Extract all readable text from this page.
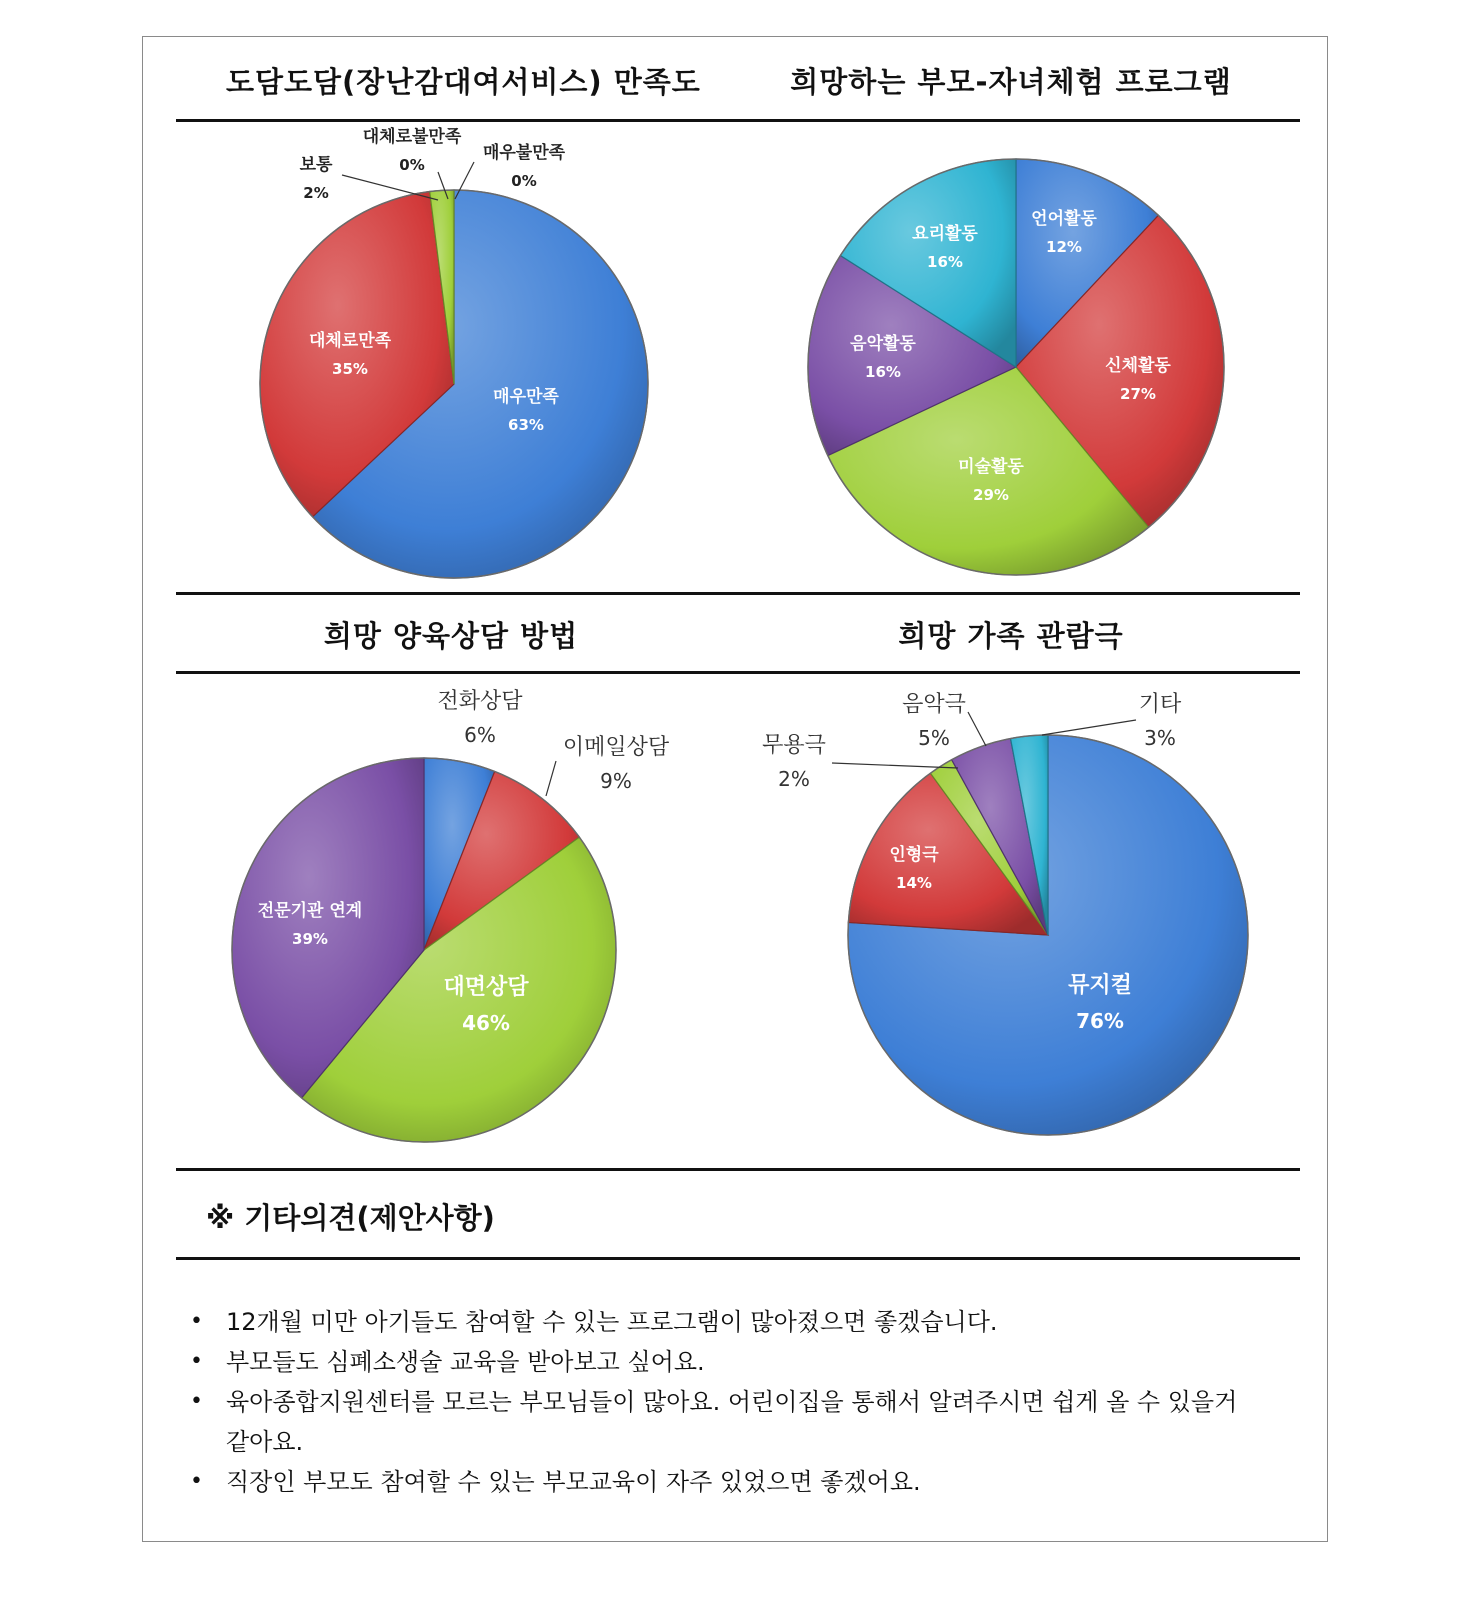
도담도담(장난감대여서비스) 만족도	희망하는 부모-자녀체험 프로그램
희망 양육상담 방법	희망 가족 관람극
매우만족
63%
대체로만족
35%
보통
2%
대체로불만족
0%
매우불만족
0%
언어활동
12%
신체활동
27%
미술활동
29%
음악활동
16%
요리활동
16%
전화상담
6%	이메일상담
9%
대면상담
46%
전문기관 연계
39%
뮤지컬
76%
인형극
14%
무용극
2%
음악극
5%
기타
3%
※ 기타의견(제안사항)
• 12개월 미만 아기들도 참여할 수 있는 프로그램이 많아졌으면 좋겠습니다.
• 부모들도 심폐소생술 교육을 받아보고 싶어요.
• 육아종합지원센터를 모르는 부모님들이 많아요. 어린이집을 통해서 알려주시면 쉽게 올 수 있을거 같아요.
• 직장인 부모도 참여할 수 있는 부모교육이 자주 있었으면 좋겠어요.
